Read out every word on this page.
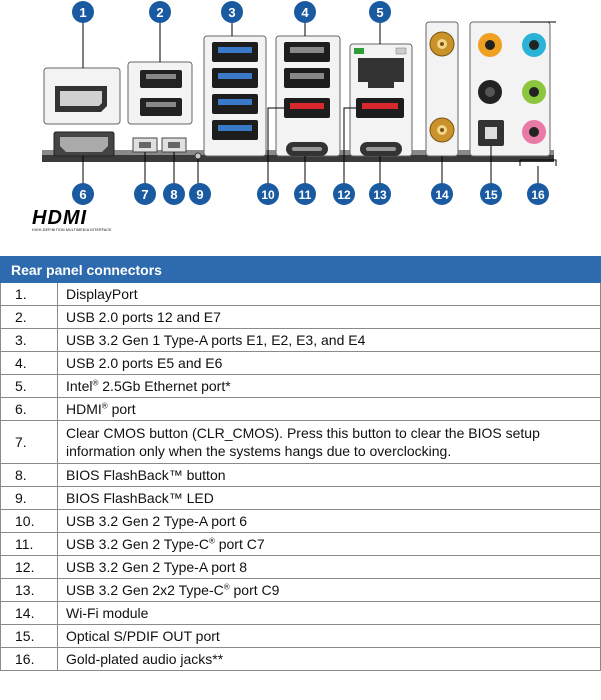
1	2	3	4	5
6	7 8 9	10 11 12 13	14	15	16
HDMI
HIGH-DEFINITION MULTIMEDIA INTERFACE
Rear panel connectors	
1.	DisplayPort
2.	USB 2.0 ports 12 and E7
3.	USB 3.2 Gen 1 Type-A ports E1, E2, E3, and E4
4.	USB 2.0 ports E5 and E6
5.	Intel® 2.5Gb Ethernet port*
6.	HDMI® port
7.	Clear CMOS button (CLR_CMOS). Press this button to clear the BIOS setup information only when the systems hangs due to overclocking.
8.	BIOS FlashBack™ button
9.	BIOS FlashBack™ LED
10.	USB 3.2 Gen 2 Type-A port 6
11.	USB 3.2 Gen 2 Type-C® port C7
12.	USB 3.2 Gen 2 Type-A port 8
13.	USB 3.2 Gen 2x2 Type-C® port C9
14.	Wi-Fi module
15.	Optical S/PDIF OUT port
16.	Gold-plated audio jacks**
